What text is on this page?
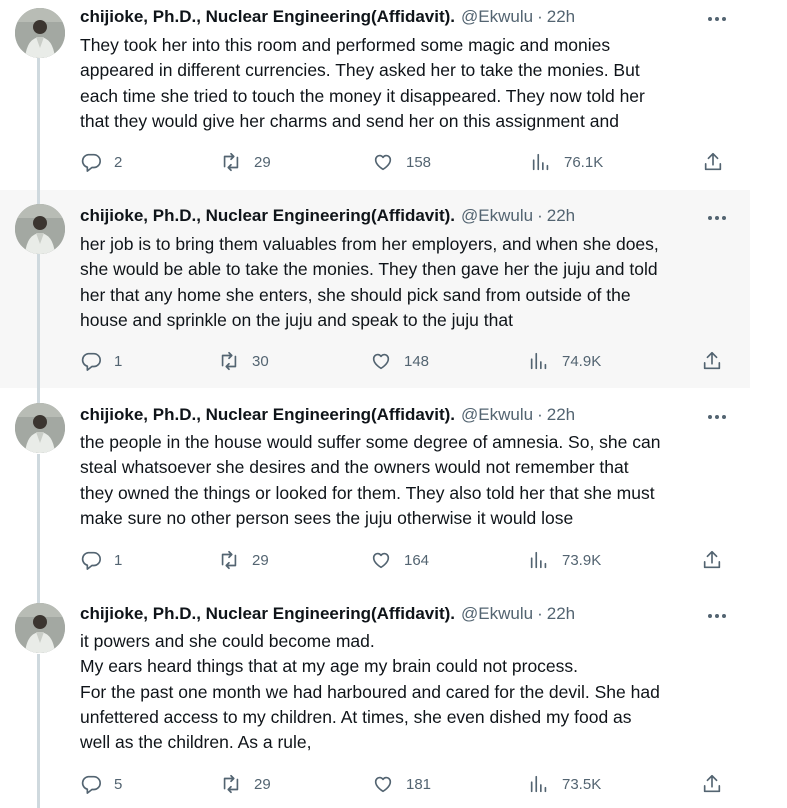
chijioke, Ph.D., Nuclear Engineering(Affidavit). @Ekwulu · 22h
They took her into this room and performed some magic and monies
appeared in different currencies. They asked her to take the monies. But
each time she tried to touch the money it disappeared. They now told her
that they would give her charms and send her on this assignment and
2	29	158	76.1K
chijioke, Ph.D., Nuclear Engineering(Affidavit). @Ekwulu · 22h
her job is to bring them valuables from her employers, and when she does,
she would be able to take the monies. They then gave her the juju and told
her that any home she enters, she should pick sand from outside of the
house and sprinkle on the juju and speak to the juju that
1	30	148	74.9K
chijioke, Ph.D., Nuclear Engineering(Affidavit). @Ekwulu · 22h
the people in the house would suffer some degree of amnesia. So, she can
steal whatsoever she desires and the owners would not remember that
they owned the things or looked for them. They also told her that she must
make sure no other person sees the juju otherwise it would lose
1	29	164	73.9K
chijioke, Ph.D., Nuclear Engineering(Affidavit). @Ekwulu · 22h
it powers and she could become mad.
My ears heard things that at my age my brain could not process.
For the past one month we had harboured and cared for the devil. She had
unfettered access to my children. At times, she even dished my food as
well as the children. As a rule,
5	29	181	73.5K
